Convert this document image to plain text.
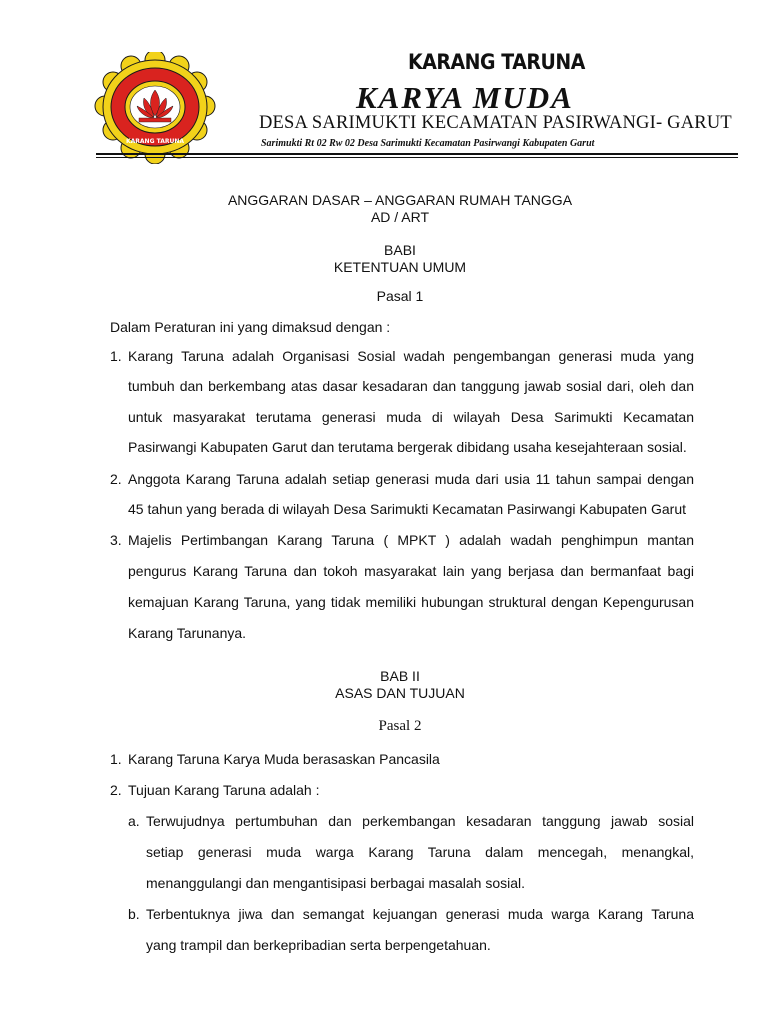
KARANG TARUNA
KARANG TARUNA
KARYA MUDA
DESA SARIMUKTI KECAMATAN PASIRWANGI- GARUT
Sarimukti Rt 02 Rw 02 Desa Sarimukti Kecamatan Pasirwangi Kabupaten Garut
ANGGARAN DASAR – ANGGARAN RUMAH TANGGA
AD / ART
BABI
KETENTUAN UMUM
Pasal 1
Dalam Peraturan ini yang dimaksud dengan :
1. Karang Taruna adalah Organisasi Sosial wadah pengembangan generasi muda yang
tumbuh dan berkembang atas dasar kesadaran dan tanggung jawab sosial dari, oleh dan
untuk masyarakat terutama generasi muda di wilayah Desa Sarimukti Kecamatan
Pasirwangi Kabupaten Garut dan terutama bergerak dibidang usaha kesejahteraan sosial.
2. Anggota Karang Taruna adalah setiap generasi muda dari usia 11 tahun sampai dengan
45 tahun yang berada di wilayah Desa Sarimukti Kecamatan Pasirwangi Kabupaten Garut
3. Majelis Pertimbangan Karang Taruna ( MPKT ) adalah wadah penghimpun mantan
pengurus Karang Taruna dan tokoh masyarakat lain yang berjasa dan bermanfaat bagi
kemajuan Karang Taruna, yang tidak memiliki hubungan struktural dengan Kepengurusan
Karang Tarunanya.
BAB II
ASAS DAN TUJUAN
Pasal 2
1. Karang Taruna Karya Muda berasaskan Pancasila
2. Tujuan Karang Taruna adalah :
a. Terwujudnya pertumbuhan dan perkembangan kesadaran tanggung jawab sosial
setiap generasi muda warga Karang Taruna dalam mencegah, menangkal,
menanggulangi dan mengantisipasi berbagai masalah sosial.
b. Terbentuknya jiwa dan semangat kejuangan generasi muda warga Karang Taruna
yang trampil dan berkepribadian serta berpengetahuan.
